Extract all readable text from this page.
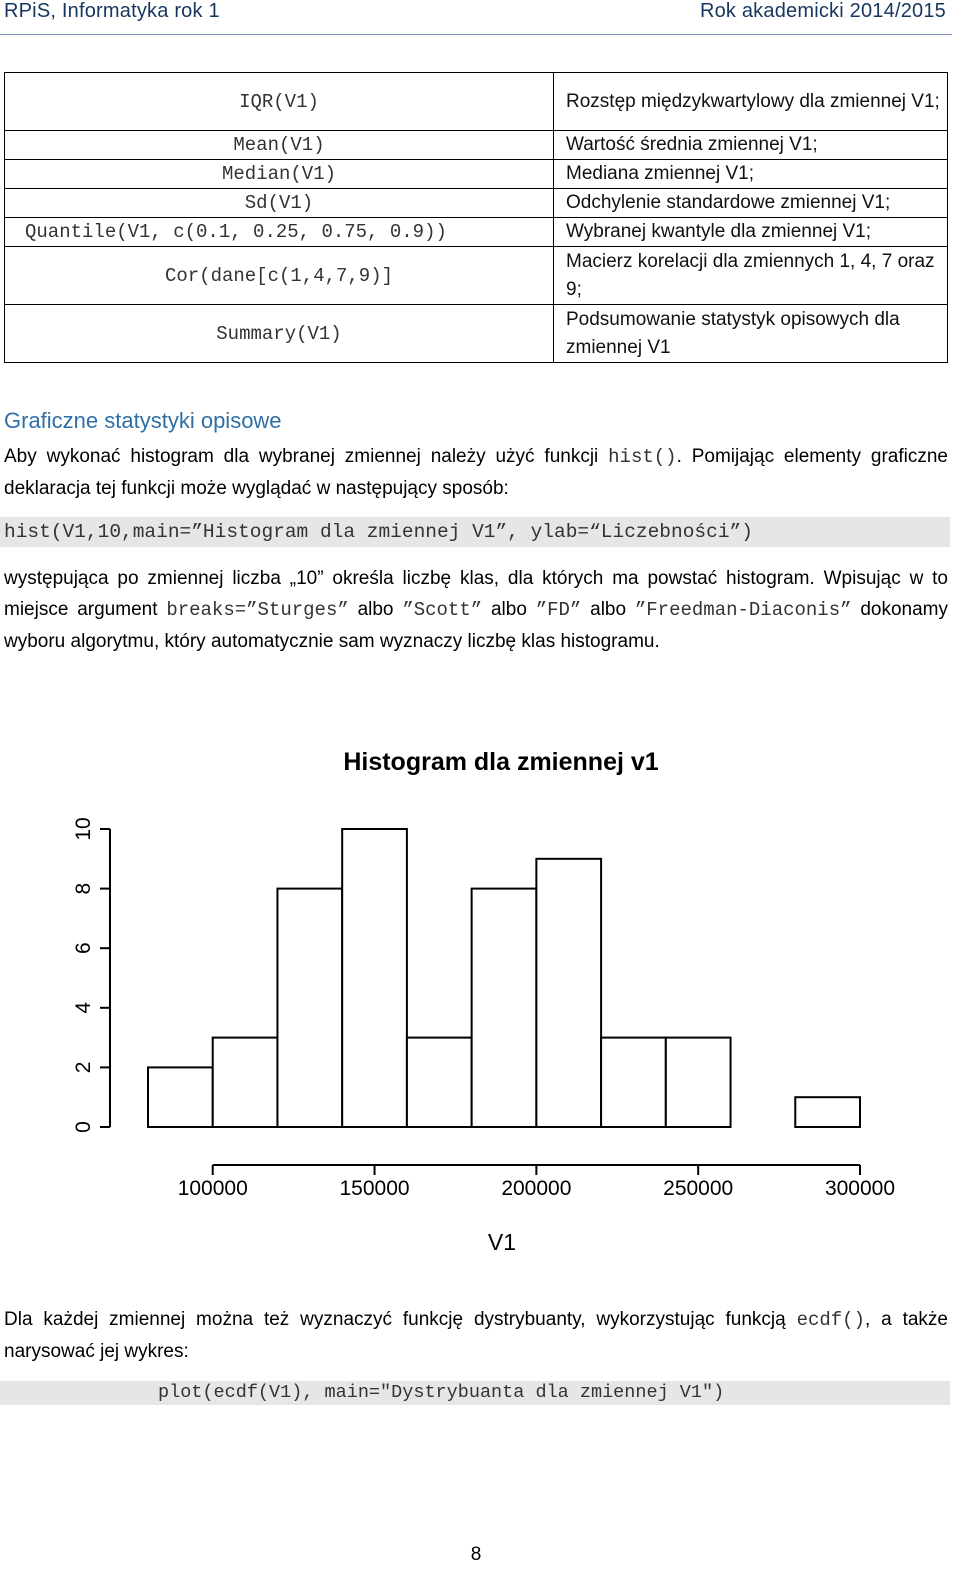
RPiS, Informatyka rok 1	Rok akademicki 2014/2015
IQR(V1)	Rozstęp międzykwartylowy dla zmiennej V1;
Mean(V1)	Wartość średnia zmiennej V1;
Median(V1)	Mediana zmiennej V1;
Sd(V1)	Odchylenie standardowe zmiennej V1;
Quantile(V1, c(0.1, 0.25, 0.75, 0.9))	Wybranej kwantyle dla zmiennej V1;
Cor(dane[c(1,4,7,9)]	Macierz korelacji dla zmiennych 1, 4, 7 oraz 9;
Summary(V1)	Podsumowanie statystyk opisowych dla zmiennej V1
Graficzne statystyki opisowe
Aby wykonać histogram dla wybranej zmiennej należy użyć funkcji hist(). Pomijając elementy graficzne deklaracja tej funkcji może wyglądać w następujący sposób:
hist(V1,10,main=”Histogram dla zmiennej V1”, ylab=“Liczebności”)
występująca po zmiennej liczba „10” określa liczbę klas, dla których ma powstać histogram. Wpisując w to miejsce argument breaks=”Sturges” albo ”Scott” albo ”FD” albo ”Freedman-Diaconis” dokonamy wyboru algorytmu, który automatycznie sam wyznaczy liczbę klas histogramu.
Histogram dla zmiennej v1
V1
0
2
4
6
8
10
100000	150000	200000	250000	300000
Dla każdej zmiennej można też wyznaczyć funkcję dystrybuanty, wykorzystując funkcją ecdf(), a także narysować jej wykres:
plot(ecdf(V1), main="Dystrybuanta dla zmiennej V1")
8
